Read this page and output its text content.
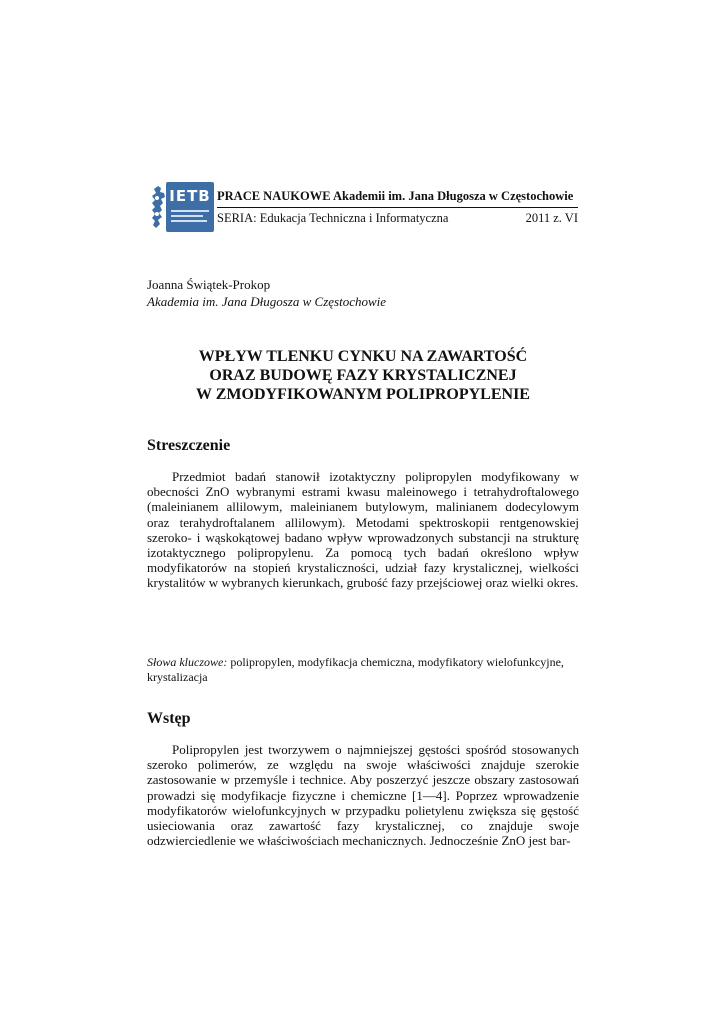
IETB PRACE NAUKOWE Akademii im. Jana Długosza w Częstochowie
SERIA: Edukacja Techniczna i Informatyczna	2011 z. VI
Joanna Świątek-Prokop
Akademia im. Jana Długosza w Częstochowie
WPŁYW TLENKU CYNKU NA ZAWARTOŚĆ
ORAZ BUDOWĘ FAZY KRYSTALICZNEJ
W ZMODYFIKOWANYM POLIPROPYLENIE
Streszczenie

Przedmiot badań stanowił izotaktyczny polipropylen modyfikowany w obecności ZnO wybranymi estrami kwasu maleinowego i tetrahydroftalowego (maleinianem allilowym, maleinianem butylowym, malinianem dodecylowym oraz terahydroftalanem allilowym). Metodami spektroskopii rentgenowskiej szeroko- i wąskokątowej badano wpływ wprowadzonych substancji na strukturę izotaktycznego polipropylenu. Za pomocą tych badań określono wpływ modyfikatorów na stopień krystaliczności, udział fazy krystalicznej, wielkości krystalitów w wybranych kierunkach, grubość fazy przejściowej oraz wielki okres.

Słowa kluczowe: polipropylen, modyfikacja chemiczna, modyfikatory wielofunkcyjne, krystalizacja
Wstęp

Polipropylen jest tworzywem o najmniejszej gęstości spośród stosowanych szeroko polimerów, ze względu na swoje właściwości znajduje szerokie zastosowanie w przemyśle i technice. Aby poszerzyć jeszcze obszary zastosowań prowadzi się modyfikacje fizyczne i chemiczne [1—4]. Poprzez wprowadzenie modyfikatorów wielofunkcyjnych w przypadku polietylenu zwiększa się gęstość usieciowania oraz zawartość fazy krystalicznej, co znajduje swoje odzwierciedlenie we właściwościach mechanicznych. Jednocześnie ZnO jest bar-
